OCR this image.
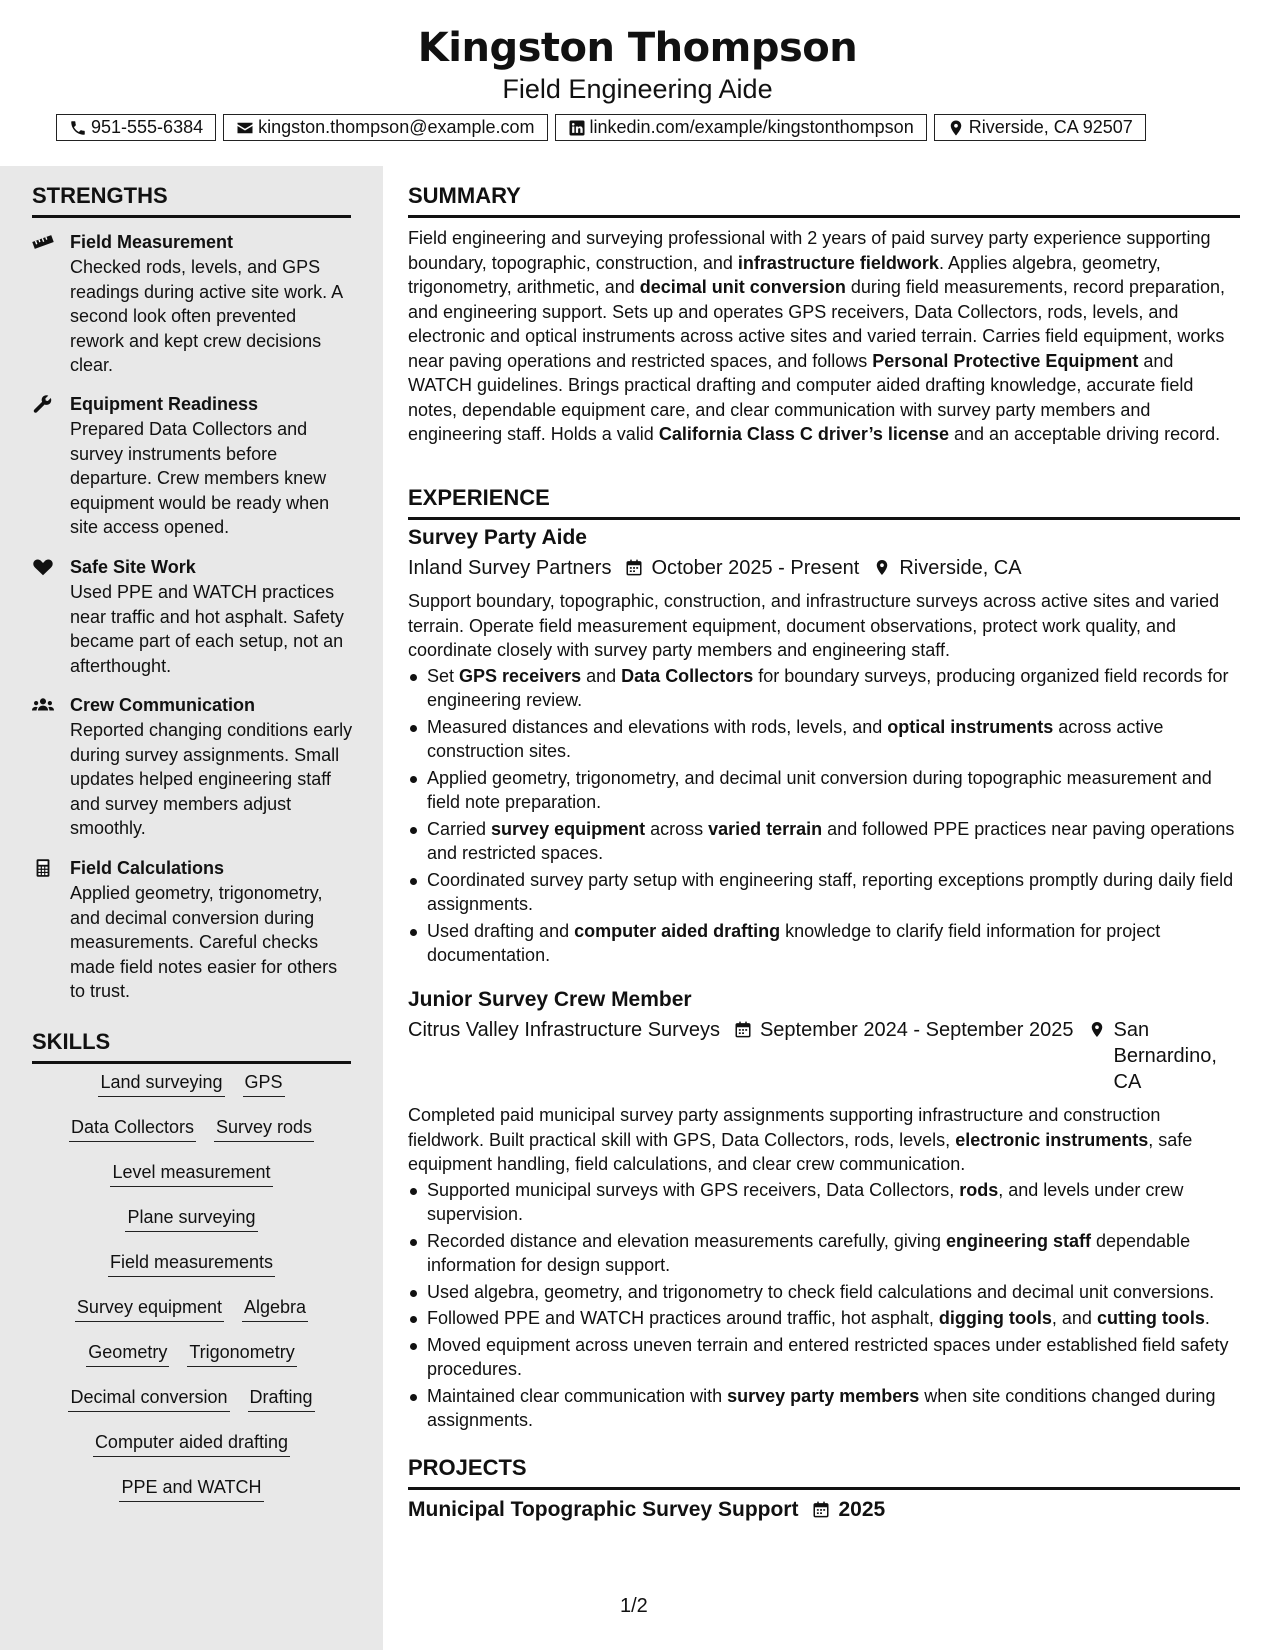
Kingston Thompson
Field Engineering Aide
951-555-6384	kingston.thompson@example.com	linkedin.com/example/kingstonthompson	Riverside, CA 92507
STRENGTHS
Field Measurement
Checked rods, levels, and GPS readings during active site work. A second look often prevented rework and kept crew decisions clear.
Equipment Readiness
Prepared Data Collectors and survey instruments before departure. Crew members knew equipment would be ready when site access opened.
Safe Site Work
Used PPE and WATCH practices near traffic and hot asphalt. Safety became part of each setup, not an afterthought.
Crew Communication
Reported changing conditions early during survey assignments. Small updates helped engineering staff and survey members adjust smoothly.
Field Calculations
Applied geometry, trigonometry, and decimal conversion during measurements. Careful checks made field notes easier for others to trust.
SKILLS
Land surveying GPS
Data Collectors Survey rods
Level measurement
Plane surveying
Field measurements
Survey equipment Algebra
Geometry Trigonometry
Decimal conversion Drafting
Computer aided drafting
PPE and WATCH
SUMMARY
Field engineering and surveying professional with 2 years of paid survey party experience supporting boundary, topographic, construction, and infrastructure fieldwork. Applies algebra, geometry, trigonometry, arithmetic, and decimal unit conversion during field measurements, record preparation, and engineering support. Sets up and operates GPS receivers, Data Collectors, rods, levels, and electronic and optical instruments across active sites and varied terrain. Carries field equipment, works near paving operations and restricted spaces, and follows Personal Protective Equipment and WATCH guidelines. Brings practical drafting and computer aided drafting knowledge, accurate field notes, dependable equipment care, and clear communication with survey party members and engineering staff. Holds a valid California Class C driver’s license and an acceptable driving record.
EXPERIENCE
Survey Party Aide
Inland Survey Partners October 2025 - Present Riverside, CA
Support boundary, topographic, construction, and infrastructure surveys across active sites and varied terrain. Operate field measurement equipment, document observations, protect work quality, and coordinate closely with survey party members and engineering staff.
Set GPS receivers and Data Collectors for boundary surveys, producing organized field records for engineering review.
Measured distances and elevations with rods, levels, and optical instruments across active construction sites.
Applied geometry, trigonometry, and decimal unit conversion during topographic measurement and field note preparation.
Carried survey equipment across varied terrain and followed PPE practices near paving operations and restricted spaces.
Coordinated survey party setup with engineering staff, reporting exceptions promptly during daily field assignments.
Used drafting and computer aided drafting knowledge to clarify field information for project documentation.
Junior Survey Crew Member
Citrus Valley Infrastructure Surveys September 2024 - September 2025 San Bernardino, CA
Completed paid municipal survey party assignments supporting infrastructure and construction fieldwork. Built practical skill with GPS, Data Collectors, rods, levels, electronic instruments, safe equipment handling, field calculations, and clear crew communication.
Supported municipal surveys with GPS receivers, Data Collectors, rods, and levels under crew supervision.
Recorded distance and elevation measurements carefully, giving engineering staff dependable information for design support.
Used algebra, geometry, and trigonometry to check field calculations and decimal unit conversions.
Followed PPE and WATCH practices around traffic, hot asphalt, digging tools, and cutting tools.
Moved equipment across uneven terrain and entered restricted spaces under established field safety procedures.
Maintained clear communication with survey party members when site conditions changed during assignments.
PROJECTS
Municipal Topographic Survey Support 2025
1/2
